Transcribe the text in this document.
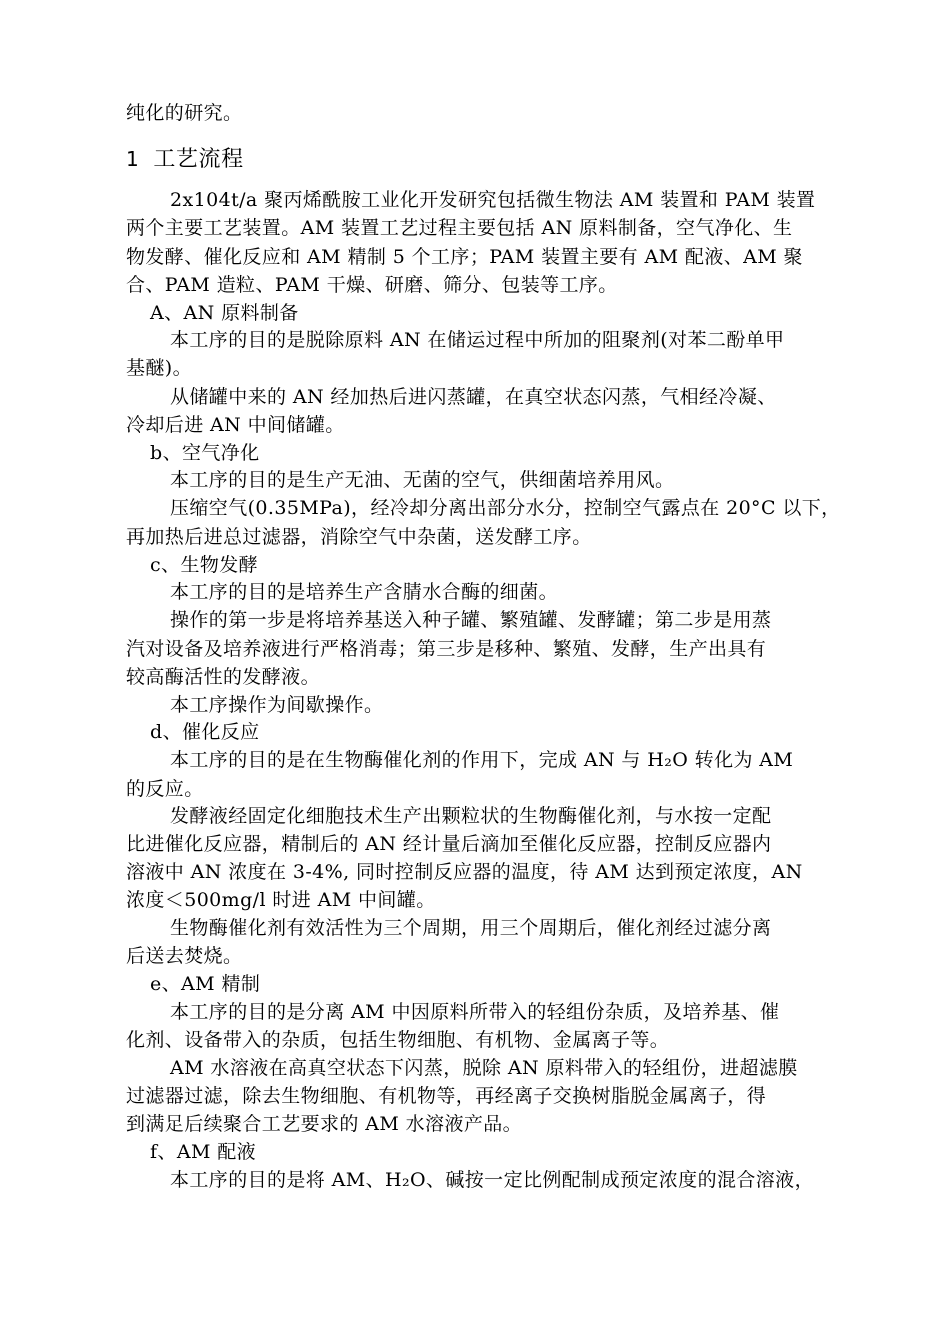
纯化的研究。
1 工艺流程
2x104t/a 聚丙烯酰胺工业化开发研究包括微生物法 AM 装置和 PAM 装置
两个主要工艺装置。AM 装置工艺过程主要包括 AN 原料制备，空气净化、生
物发酵、催化反应和 AM 精制 5 个工序；PAM 装置主要有 AM 配液、AM 聚
合、PAM 造粒、PAM 干燥、研磨、筛分、包装等工序。
A、AN 原料制备
本工序的目的是脱除原料 AN 在储运过程中所加的阻聚剂(对苯二酚单甲
基醚)。
从储罐中来的 AN 经加热后进闪蒸罐，在真空状态闪蒸，气相经冷凝、
冷却后进 AN 中间储罐。
b、空气净化
本工序的目的是生产无油、无菌的空气，供细菌培养用风。
压缩空气(0.35MPa)，经冷却分离出部分水分，控制空气露点在 20°C 以下，
再加热后进总过滤器，消除空气中杂菌，送发酵工序。
c、生物发酵
本工序的目的是培养生产含腈水合酶的细菌。
操作的第一步是将培养基送入种子罐、繁殖罐、发酵罐；第二步是用蒸
汽对设备及培养液进行严格消毒；第三步是移种、繁殖、发酵，生产出具有
较高酶活性的发酵液。
本工序操作为间歇操作。
d、催化反应
本工序的目的是在生物酶催化剂的作用下，完成 AN 与 H₂O 转化为 AM
的反应。
发酵液经固定化细胞技术生产出颗粒状的生物酶催化剂，与水按一定配
比进催化反应器，精制后的 AN 经计量后滴加至催化反应器，控制反应器内
溶液中 AN 浓度在 3-4%, 同时控制反应器的温度，待 AM 达到预定浓度，AN
浓度＜500mg/l 时进 AM 中间罐。
生物酶催化剂有效活性为三个周期，用三个周期后，催化剂经过滤分离
后送去焚烧。
e、AM 精制
本工序的目的是分离 AM 中因原料所带入的轻组份杂质，及培养基、催
化剂、设备带入的杂质，包括生物细胞、有机物、金属离子等。
AM 水溶液在高真空状态下闪蒸，脱除 AN 原料带入的轻组份，进超滤膜
过滤器过滤，除去生物细胞、有机物等，再经离子交换树脂脱金属离子，得
到满足后续聚合工艺要求的 AM 水溶液产品。
f、AM 配液
本工序的目的是将 AM、H₂O、碱按一定比例配制成预定浓度的混合溶液，
